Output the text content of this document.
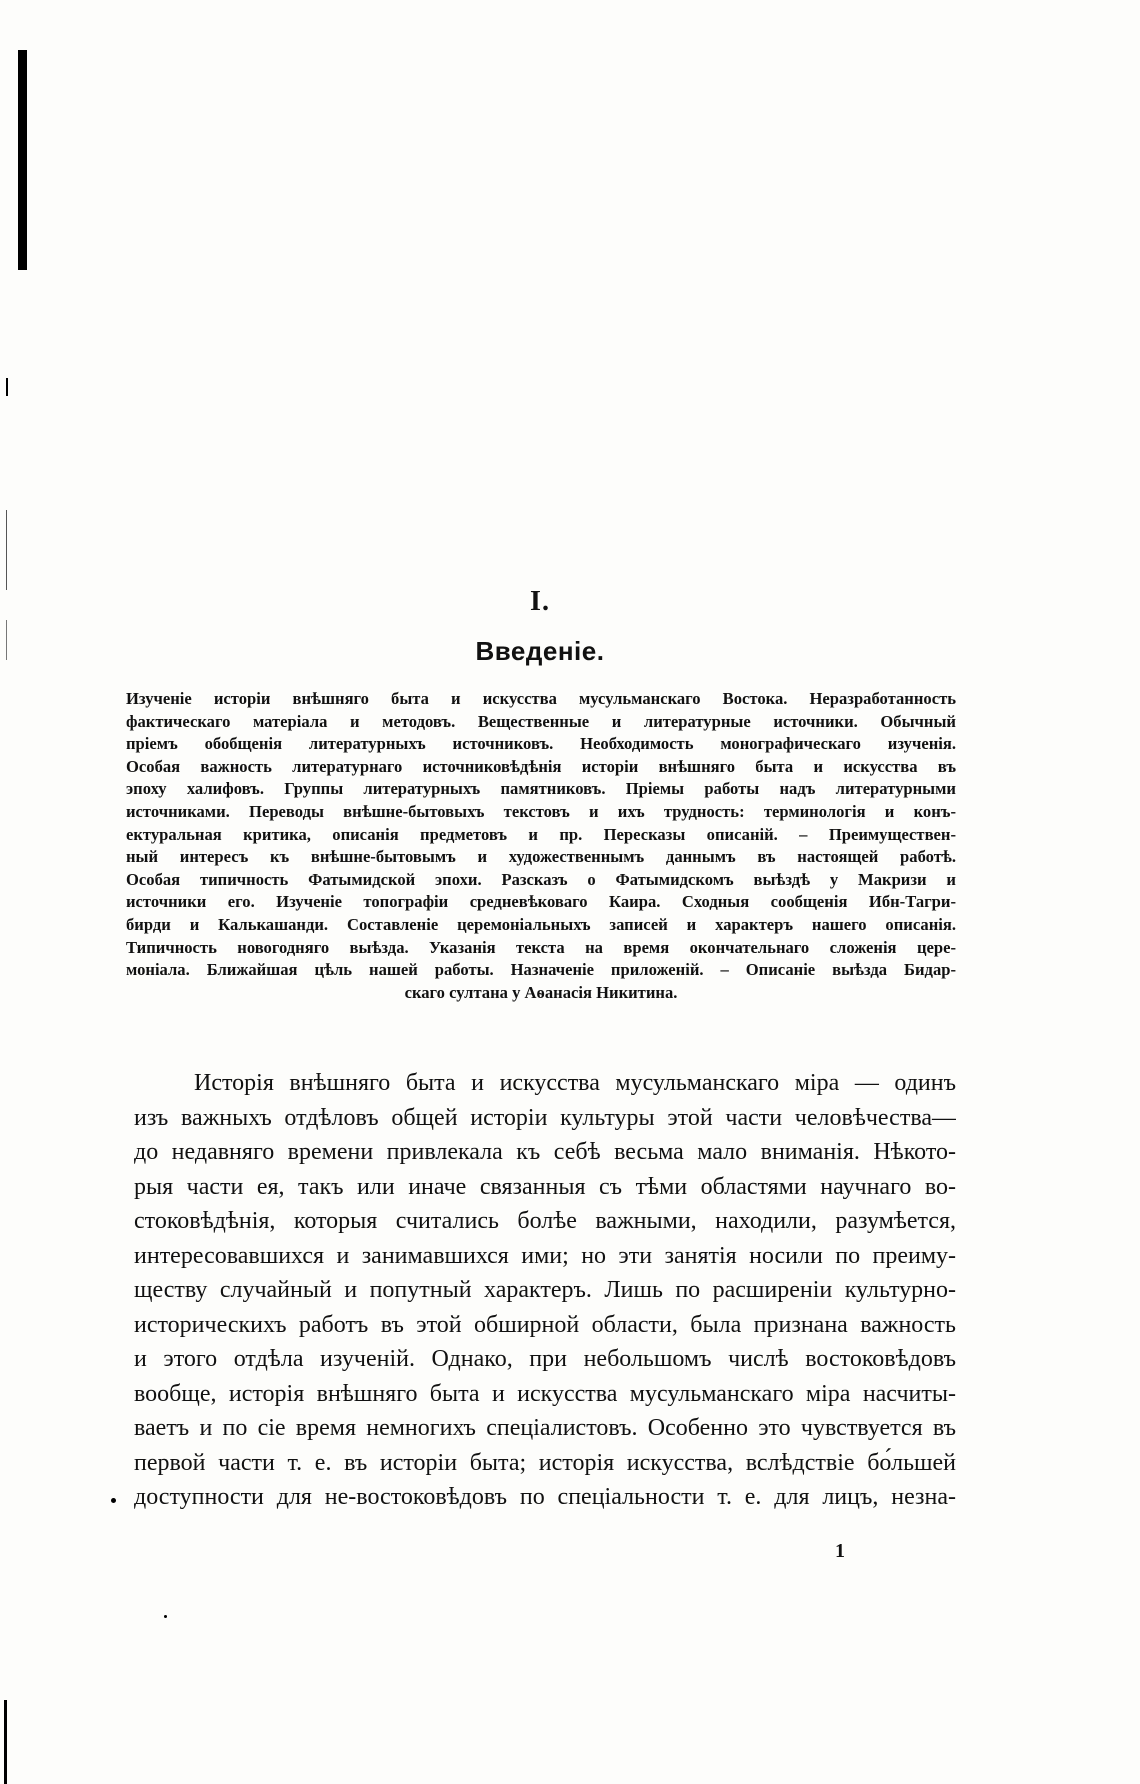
I.
Введеніе.
Изученіе исторіи внѣшняго быта и искусства мусульманскаго Востока. Неразработанность
фактическаго матеріала и методовъ. Вещественные и литературные источники. Обычный
пріемъ обобщенія литературныхъ источниковъ. Необходимость монографическаго изученія.
Особая важность литературнаго источниковѣдѣнія исторіи внѣшняго быта и искусства въ
эпоху халифовъ. Группы литературныхъ памятниковъ. Пріемы работы надъ литературными
источниками. Переводы внѣшне-бытовыхъ текстовъ и ихъ трудность: терминологія и конъ-
ектуральная критика, описанія предметовъ и пр. Пересказы описаній. – Преимуществен-
ный интересъ къ внѣшне-бытовымъ и художественнымъ даннымъ въ настоящей работѣ.
Особая типичность Фатымидской эпохи. Разсказъ о Фатымидскомъ выѣздѣ у Макризи и
источники его. Изученіе топографіи средневѣковаго Каира. Сходныя сообщенія Ибн-Тагри-
бирди и Калькашанди. Составленіе церемоніальныхъ записей и характеръ нашего описанія.
Типичность новогодняго выѣзда. Указанія текста на время окончательнаго сложенія цере-
моніала. Ближайшая цѣль нашей работы. Назначеніе приложеній. – Описаніе выѣзда Бидар-
скаго султана у Аѳанасія Никитина.
Исторія внѣшняго быта и искусства мусульманскаго міра — одинъ
изъ важныхъ отдѣловъ общей исторіи культуры этой части человѣчества—
до недавняго времени привлекала къ себѣ весьма мало вниманія. Нѣкото-
рыя части ея, такъ или иначе связанныя съ тѣми областями научнаго во-
стоковѣдѣнія, которыя считались болѣе важными, находили, разумѣется,
интересовавшихся и занимавшихся ими; но эти занятія носили по преиму-
ществу случайный и попутный характеръ. Лишь по расширеніи культурно-
историческихъ работъ въ этой обширной области, была признана важность
и этого отдѣла изученій. Однако, при небольшомъ числѣ востоковѣдовъ
вообще, исторія внѣшняго быта и искусства мусульманскаго міра насчиты-
ваетъ и по сіе время немногихъ спеціалистовъ. Особенно это чувствуется въ
первой части т. е. въ исторіи быта; исторія искусства, вслѣдствіе бо́льшей
доступности для не-востоковѣдовъ по спеціальности т. е. для лицъ, незна-
1
